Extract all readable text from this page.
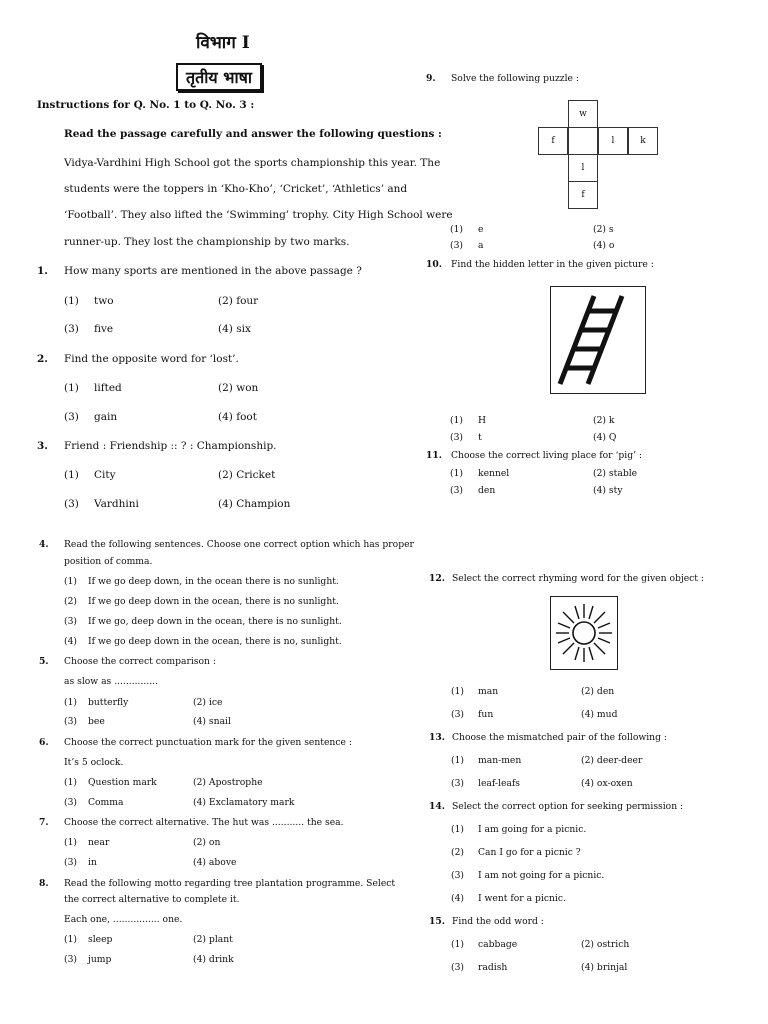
विभाग I
तृतीय भाषा
Instructions for Q. No. 1 to Q. No. 3 :
Read the passage carefully and answer the following questions :
Vidya-Vardhini High School got the sports championship this year. The
students were the toppers in ‘Kho-Kho’, ‘Cricket’, ‘Athletics’ and
‘Football’. They also lifted the ‘Swimming’ trophy. City High School were
runner-up. They lost the championship by two marks.
1. How many sports are mentioned in the above passage ?
(1) two	(2) four
(3) five	(4) six
2. Find the opposite word for ‘lost’.
(1) lifted	(2) won
(3) gain	(4) foot
3. Friend : Friendship :: ? : Championship.
(1) City	(2) Cricket
(3) Vardhini	(4) Champion
4. Read the following sentences. Choose one correct option which has proper
position of comma.
(1) If we go deep down, in the ocean there is no sunlight.
(2) If we go deep down in the ocean, there is no sunlight.
(3) If we go, deep down in the ocean, there is no sunlight.
(4) If we go deep down in the ocean, there is no, sunlight.
5. Choose the correct comparison :
as slow as ...............
(1) butterfly	(2) ice
(3) bee	(4) snail
6. Choose the correct punctuation mark for the given sentence :
It’s 5 oclock.
(1) Question mark	(2) Apostrophe
(3) Comma	(4) Exclamatory mark
7. Choose the correct alternative. The hut was ........... the sea.
(1) near	(2) on
(3) in	(4) above
8. Read the following motto regarding tree plantation programme. Select
the correct alternative to complete it.
Each one, ................ one.
(1) sleep	(2) plant
(3) jump	(4) drink
9. Solve the following puzzle :
w
f	l	k
l
f
(1) e	(2) s
(3) a	(4) o
10. Find the hidden letter in the given picture :
(1) H	(2) k
(3) t	(4) Q
11. Choose the correct living place for ‘pig’ :
(1) kennel	(2) stable
(3) den	(4) sty
12. Select the correct rhyming word for the given object :
(1) man	(2) den
(3) fun	(4) mud
13. Choose the mismatched pair of the following :
(1) man-men	(2) deer-deer
(3) leaf-leafs	(4) ox-oxen
14. Select the correct option for seeking permission :
(1) I am going for a picnic.
(2) Can I go for a picnic ?
(3) I am not going for a picnic.
(4) I went for a picnic.
15. Find the odd word :
(1) cabbage	(2) ostrich
(3) radish	(4) brinjal
